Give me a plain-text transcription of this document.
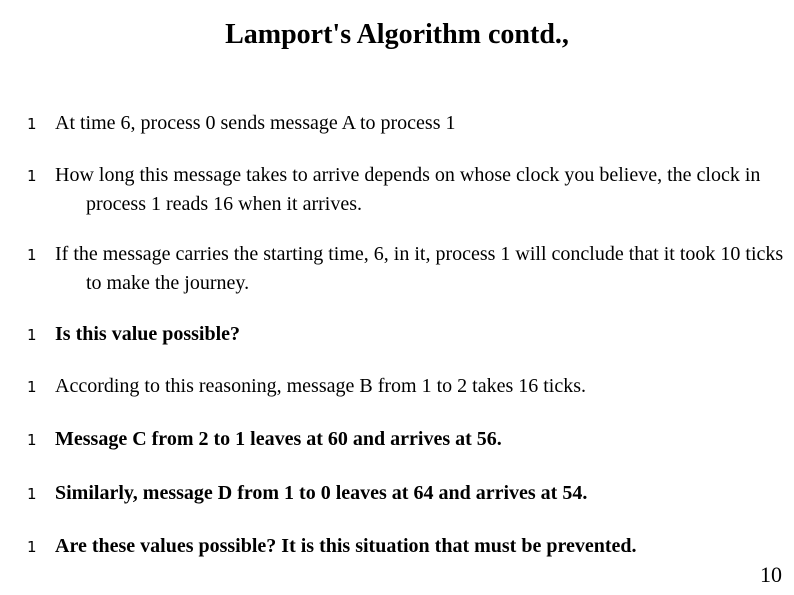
Lamport's Algorithm contd.,
1 At time 6, process 0 sends message A to process 1
1 How long this message takes to arrive depends on whose clock you believe, the clock in process 1 reads 16 when it arrives.
1 If the message carries the starting time, 6, in it, process 1 will conclude that it took 10 ticks to make the journey.
1 Is this value possible?
1 According to this reasoning, message B from 1 to 2 takes 16 ticks.
1 Message C from 2 to 1 leaves at 60 and arrives at 56.
1 Similarly, message D from 1 to 0 leaves at 64 and arrives at 54.
1 Are these values possible? It is this situation that must be prevented.
10
